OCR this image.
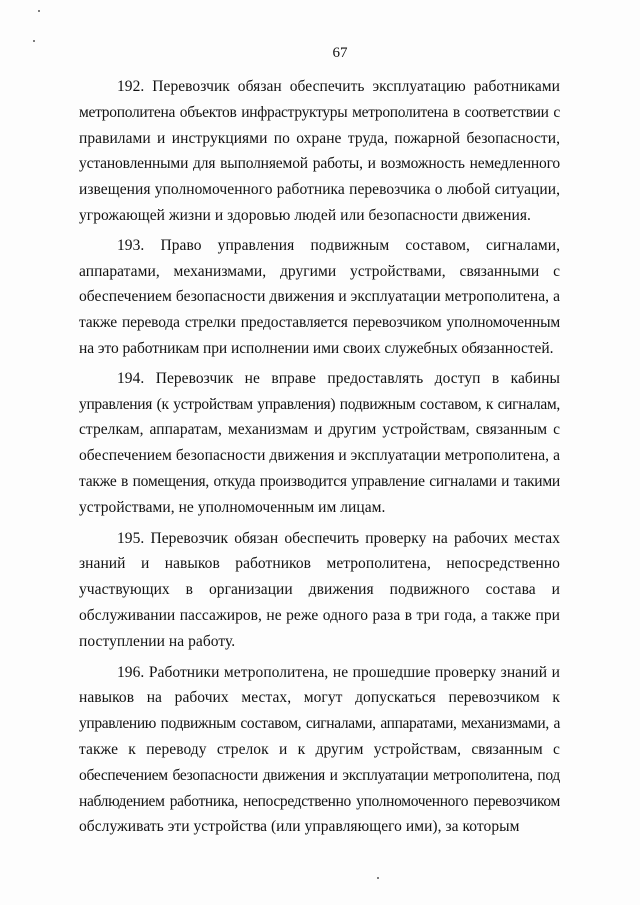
67
192. Перевозчик обязан обеспечить эксплуатацию работниками
метрополитена объектов инфраструктуры метрополитена в соответствии с
правилами и инструкциями по охране труда, пожарной безопасности,
установленными для выполняемой работы, и возможность немедленного
извещения уполномоченного работника перевозчика о любой ситуации,
угрожающей жизни и здоровью людей или безопасности движения.
193. Право управления подвижным составом, сигналами,
аппаратами, механизмами, другими устройствами, связанными с
обеспечением безопасности движения и эксплуатации метрополитена, а
также перевода стрелки предоставляется перевозчиком уполномоченным
на это работникам при исполнении ими своих служебных обязанностей.
194. Перевозчик не вправе предоставлять доступ в кабины
управления (к устройствам управления) подвижным составом, к сигналам,
стрелкам, аппаратам, механизмам и другим устройствам, связанным с
обеспечением безопасности движения и эксплуатации метрополитена, а
также в помещения, откуда производится управление сигналами и такими
устройствами, не уполномоченным им лицам.
195. Перевозчик обязан обеспечить проверку на рабочих местах
знаний и навыков работников метрополитена, непосредственно
участвующих в организации движения подвижного состава и
обслуживании пассажиров, не реже одного раза в три года, а также при
поступлении на работу.
196. Работники метрополитена, не прошедшие проверку знаний и
навыков на рабочих местах, могут допускаться перевозчиком к
управлению подвижным составом, сигналами, аппаратами, механизмами, а
также к переводу стрелок и к другим устройствам, связанным с
обеспечением безопасности движения и эксплуатации метрополитена, под
наблюдением работника, непосредственно уполномоченного перевозчиком
обслуживать эти устройства (или управляющего ими), за которым
